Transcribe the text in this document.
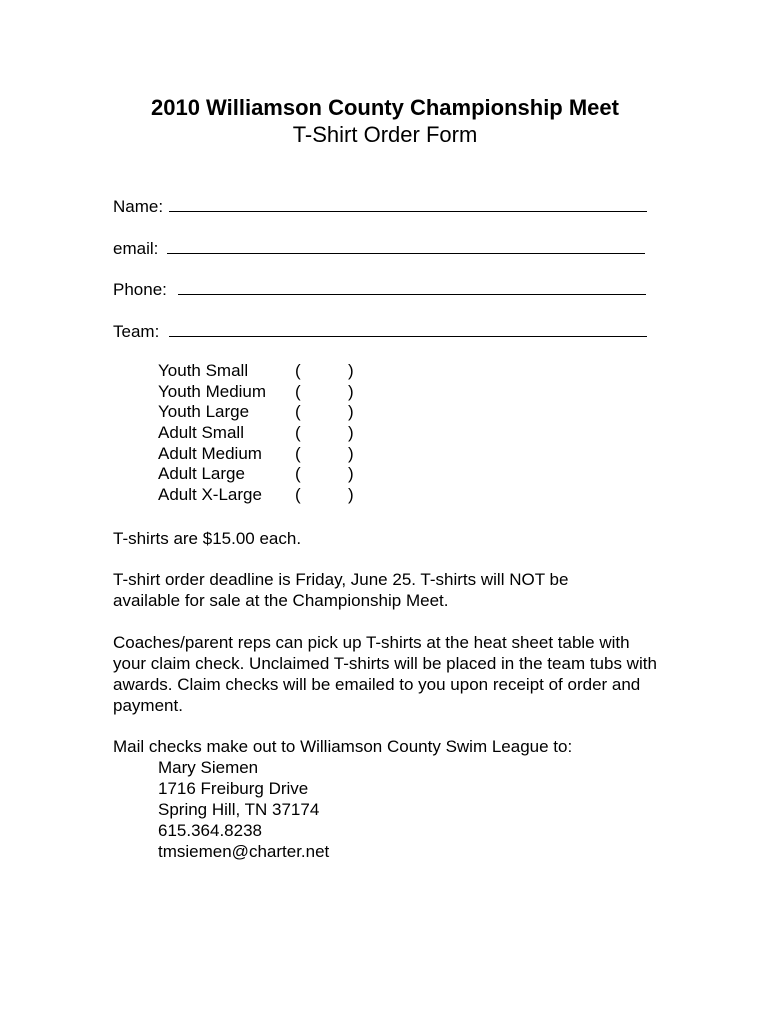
2010 Williamson County Championship Meet
T-Shirt Order Form
Name:
email:
Phone:
Team:
Youth Small	(	)
Youth Medium (	)
Youth Large	(	)
Adult Small	(	)
Adult Medium (	)
Adult Large	(	)
Adult X-Large (	)
T-shirts are $15.00 each.
T-shirt order deadline is Friday, June 25. T-shirts will NOT be available for sale at the Championship Meet.
Coaches/parent reps can pick up T-shirts at the heat sheet table with your claim check. Unclaimed T-shirts will be placed in the team tubs with awards. Claim checks will be emailed to you upon receipt of order and payment.
Mail checks make out to Williamson County Swim League to:
Mary Siemen
1716 Freiburg Drive
Spring Hill, TN 37174
615.364.8238
tmsiemen@charter.net
